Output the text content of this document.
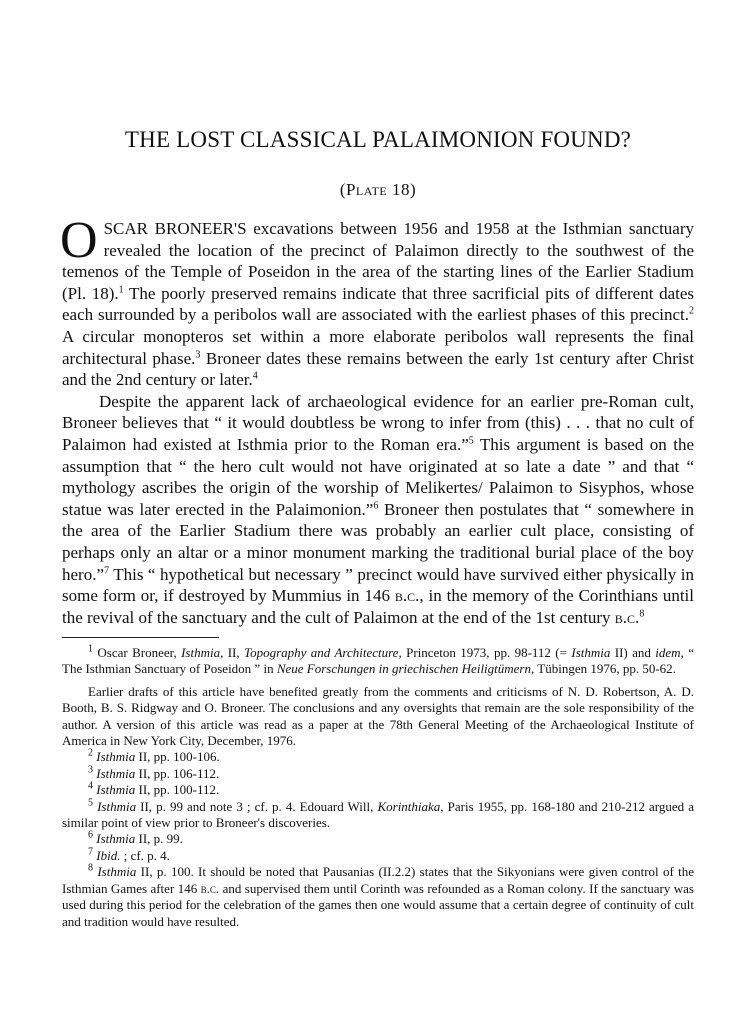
THE LOST CLASSICAL PALAIMONION FOUND?
(Plate 18)

OSCAR BRONEER'S excavations between 1956 and 1958 at the Isthmian sanctuary revealed the location of the precinct of Palaimon directly to the southwest of the temenos of the Temple of Poseidon in the area of the starting lines of the Earlier Stadium (Pl. 18).$^1$ The poorly preserved remains indicate that three sacrificial pits of different dates each surrounded by a peribolos wall are associated with the earliest phases of this precinct.$^2$ A circular monopteros set within a more elaborate peribolos wall represents the final architectural phase.$^3$ Broneer dates these remains between the early 1st century after Christ and the 2nd century or later.$^4$

Despite the apparent lack of archaeological evidence for an earlier pre-Roman cult, Broneer believes that “ it would doubtless be wrong to infer from (this) . . . that no cult of Palaimon had existed at Isthmia prior to the Roman era.”$^5$ This argument is based on the assumption that “ the hero cult would not have originated at so late a date ” and that “ mythology ascribes the origin of the worship of Melikertes/ Palaimon to Sisyphos, whose statue was later erected in the Palaimonion.”$^6$ Broneer then postulates that “ somewhere in the area of the Earlier Stadium there was probably an earlier cult place, consisting of perhaps only an altar or a minor monument marking the traditional burial place of the boy hero.”$^7$ This “ hypothetical but necessary ” precinct would have survived either physically in some form or, if destroyed by Mummius in 146 b.c., in the memory of the Corinthians until the revival of the sanctuary and the cult of Palaimon at the end of the 1st century b.c.$^8$

$^1$ Oscar Broneer, Isthmia, II, Topography and Architecture, Princeton 1973, pp. 98-112 (= Isthmia II) and idem, “ The Isthmian Sanctuary of Poseidon ” in Neue Forschungen in griechischen Heiligtümern, Tübingen 1976, pp. 50-62.

Earlier drafts of this article have benefited greatly from the comments and criticisms of N. D. Robertson, A. D. Booth, B. S. Ridgway and O. Broneer. The conclusions and any oversights that remain are the sole responsibility of the author. A version of this article was read as a paper at the 78th General Meeting of the Archaeological Institute of America in New York City, December, 1976.

$^2$ Isthmia II, pp. 100-106.

$^3$ Isthmia II, pp. 106-112.

$^4$ Isthmia II, pp. 100-112.

$^5$ Isthmia II, p. 99 and note 3 ; cf. p. 4. Edouard Will, Korinthiaka, Paris 1955, pp. 168-180 and 210-212 argued a similar point of view prior to Broneer's discoveries.

$^6$ Isthmia II, p. 99.

$^7$ Ibid. ; cf. p. 4.

$^8$ Isthmia II, p. 100. It should be noted that Pausanias (II.2.2) states that the Sikyonians were given control of the Isthmian Games after 146 b.c. and supervised them until Corinth was refounded as a Roman colony. If the sanctuary was used during this period for the celebration of the games then one would assume that a certain degree of continuity of cult and tradition would have resulted.
